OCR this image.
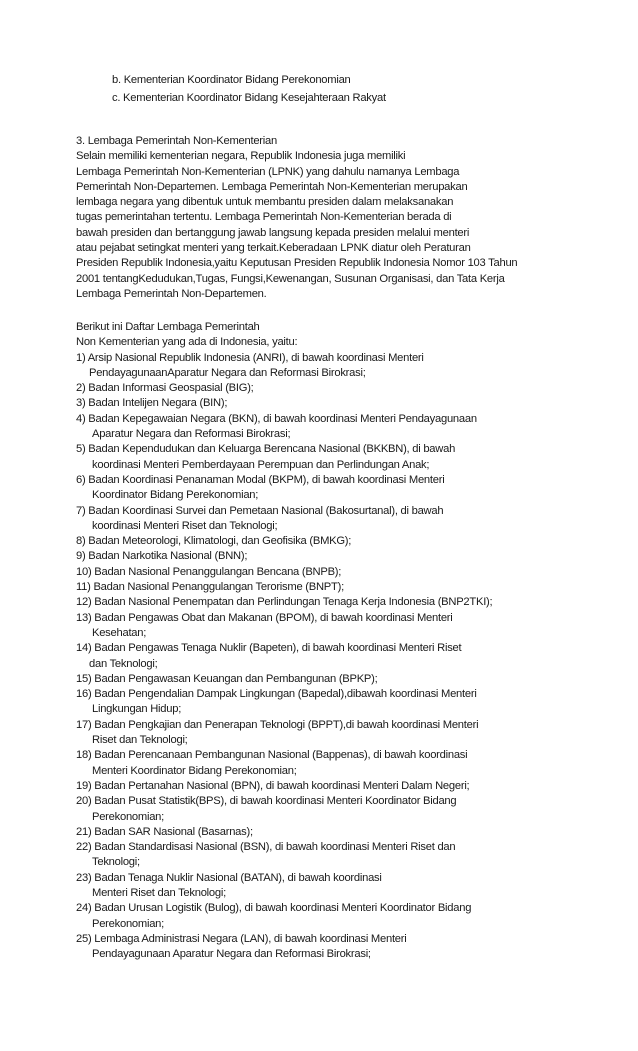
b. Kementerian Koordinator Bidang Perekonomian
c. Kementerian Koordinator Bidang Kesejahteraan Rakyat
3. Lembaga Pemerintah Non-Kementerian
Selain memiliki kementerian negara, Republik Indonesia juga memiliki
Lembaga Pemerintah Non-Kementerian (LPNK) yang dahulu namanya Lembaga
Pemerintah Non-Departemen. Lembaga Pemerintah Non-Kementerian merupakan
lembaga negara yang dibentuk untuk membantu presiden dalam melaksanakan
tugas pemerintahan tertentu. Lembaga Pemerintah Non-Kementerian berada di
bawah presiden dan bertanggung jawab langsung kepada presiden melalui menteri
atau pejabat setingkat menteri yang terkait.Keberadaan LPNK diatur oleh Peraturan
Presiden Republik Indonesia,yaitu Keputusan Presiden Republik Indonesia Nomor 103 Tahun
2001 tentangKedudukan,Tugas, Fungsi,Kewenangan, Susunan Organisasi, dan Tata Kerja
Lembaga Pemerintah Non-Departemen.
Berikut ini Daftar Lembaga Pemerintah
Non Kementerian yang ada di Indonesia, yaitu:
1) Arsip Nasional Republik Indonesia (ANRI), di bawah koordinasi Menteri
PendayagunaanAparatur Negara dan Reformasi Birokrasi;
2) Badan Informasi Geospasial (BIG);
3) Badan Intelijen Negara (BIN);
4) Badan Kepegawaian Negara (BKN), di bawah koordinasi Menteri Pendayagunaan
Aparatur Negara dan Reformasi Birokrasi;
5) Badan Kependudukan dan Keluarga Berencana Nasional (BKKBN), di bawah
koordinasi Menteri Pemberdayaan Perempuan dan Perlindungan Anak;
6) Badan Koordinasi Penanaman Modal (BKPM), di bawah koordinasi Menteri
Koordinator Bidang Perekonomian;
7) Badan Koordinasi Survei dan Pemetaan Nasional (Bakosurtanal), di bawah
koordinasi Menteri Riset dan Teknologi;
8) Badan Meteorologi, Klimatologi, dan Geofisika (BMKG);
9) Badan Narkotika Nasional (BNN);
10) Badan Nasional Penanggulangan Bencana (BNPB);
11) Badan Nasional Penanggulangan Terorisme (BNPT);
12) Badan Nasional Penempatan dan Perlindungan Tenaga Kerja Indonesia (BNP2TKI);
13) Badan Pengawas Obat dan Makanan (BPOM), di bawah koordinasi Menteri
Kesehatan;
14) Badan Pengawas Tenaga Nuklir (Bapeten), di bawah koordinasi Menteri Riset
dan Teknologi;
15) Badan Pengawasan Keuangan dan Pembangunan (BPKP);
16) Badan Pengendalian Dampak Lingkungan (Bapedal),dibawah koordinasi Menteri
Lingkungan Hidup;
17) Badan Pengkajian dan Penerapan Teknologi (BPPT),di bawah koordinasi Menteri
Riset dan Teknologi;
18) Badan Perencanaan Pembangunan Nasional (Bappenas), di bawah koordinasi
Menteri Koordinator Bidang Perekonomian;
19) Badan Pertanahan Nasional (BPN), di bawah koordinasi Menteri Dalam Negeri;
20) Badan Pusat Statistik(BPS), di bawah koordinasi Menteri Koordinator Bidang
Perekonomian;
21) Badan SAR Nasional (Basarnas);
22) Badan Standardisasi Nasional (BSN), di bawah koordinasi Menteri Riset dan
Teknologi;
23) Badan Tenaga Nuklir Nasional (BATAN), di bawah koordinasi
Menteri Riset dan Teknologi;
24) Badan Urusan Logistik (Bulog), di bawah koordinasi Menteri Koordinator Bidang
Perekonomian;
25) Lembaga Administrasi Negara (LAN), di bawah koordinasi Menteri
Pendayagunaan Aparatur Negara dan Reformasi Birokrasi;
